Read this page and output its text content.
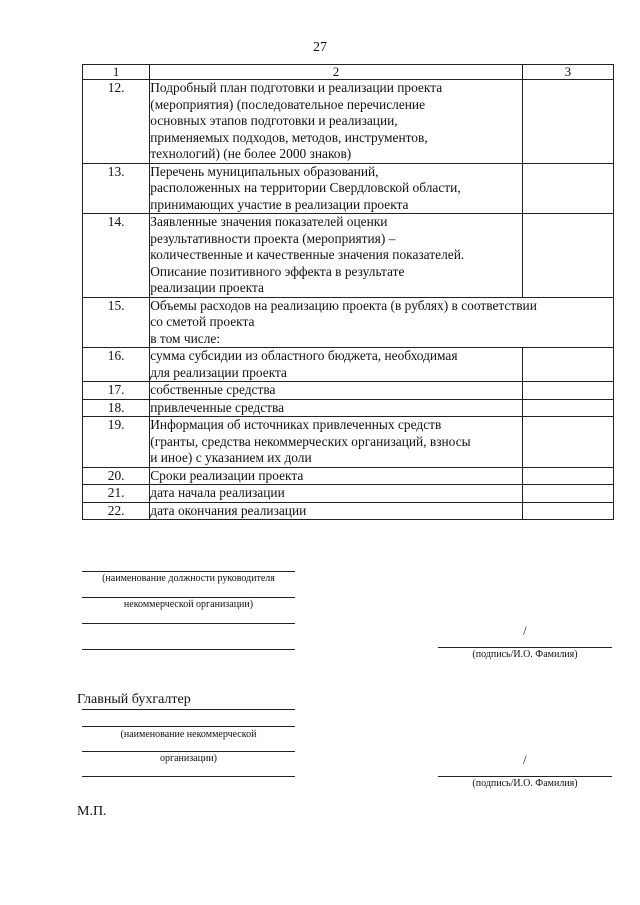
27
1	2	3
12.	Подробный план подготовки и реализации проекта
(мероприятия) (последовательное перечисление
основных этапов подготовки и реализации,
применяемых подходов, методов, инструментов,
технологий) (не более 2000 знаков)	
13.	Перечень муниципальных образований,
расположенных на территории Свердловской области,
принимающих участие в реализации проекта	
14.	Заявленные значения показателей оценки
результативности проекта (мероприятия) –
количественные и качественные значения показателей.
Описание позитивного эффекта в результате
реализации проекта	
15.	Объемы расходов на реализацию проекта (в рублях) в соответствии
со сметой проекта
в том числе:	
16.	сумма субсидии из областного бюджета, необходимая
для реализации проекта	
17.	собственные средства	
18.	привлеченные средства	
19.	Информация об источниках привлеченных средств
(гранты, средства некоммерческих организаций, взносы
и иное) с указанием их доли	
20.	Сроки реализации проекта	
21.	дата начала реализации	
22.	дата окончания реализации	
(наименование должности руководителя
некоммерческой организации)
/
(подпись/И.О. Фамилия)
Главный бухгалтер
(наименование некоммерческой
организации)	/
(подпись/И.О. Фамилия)
М.П.
